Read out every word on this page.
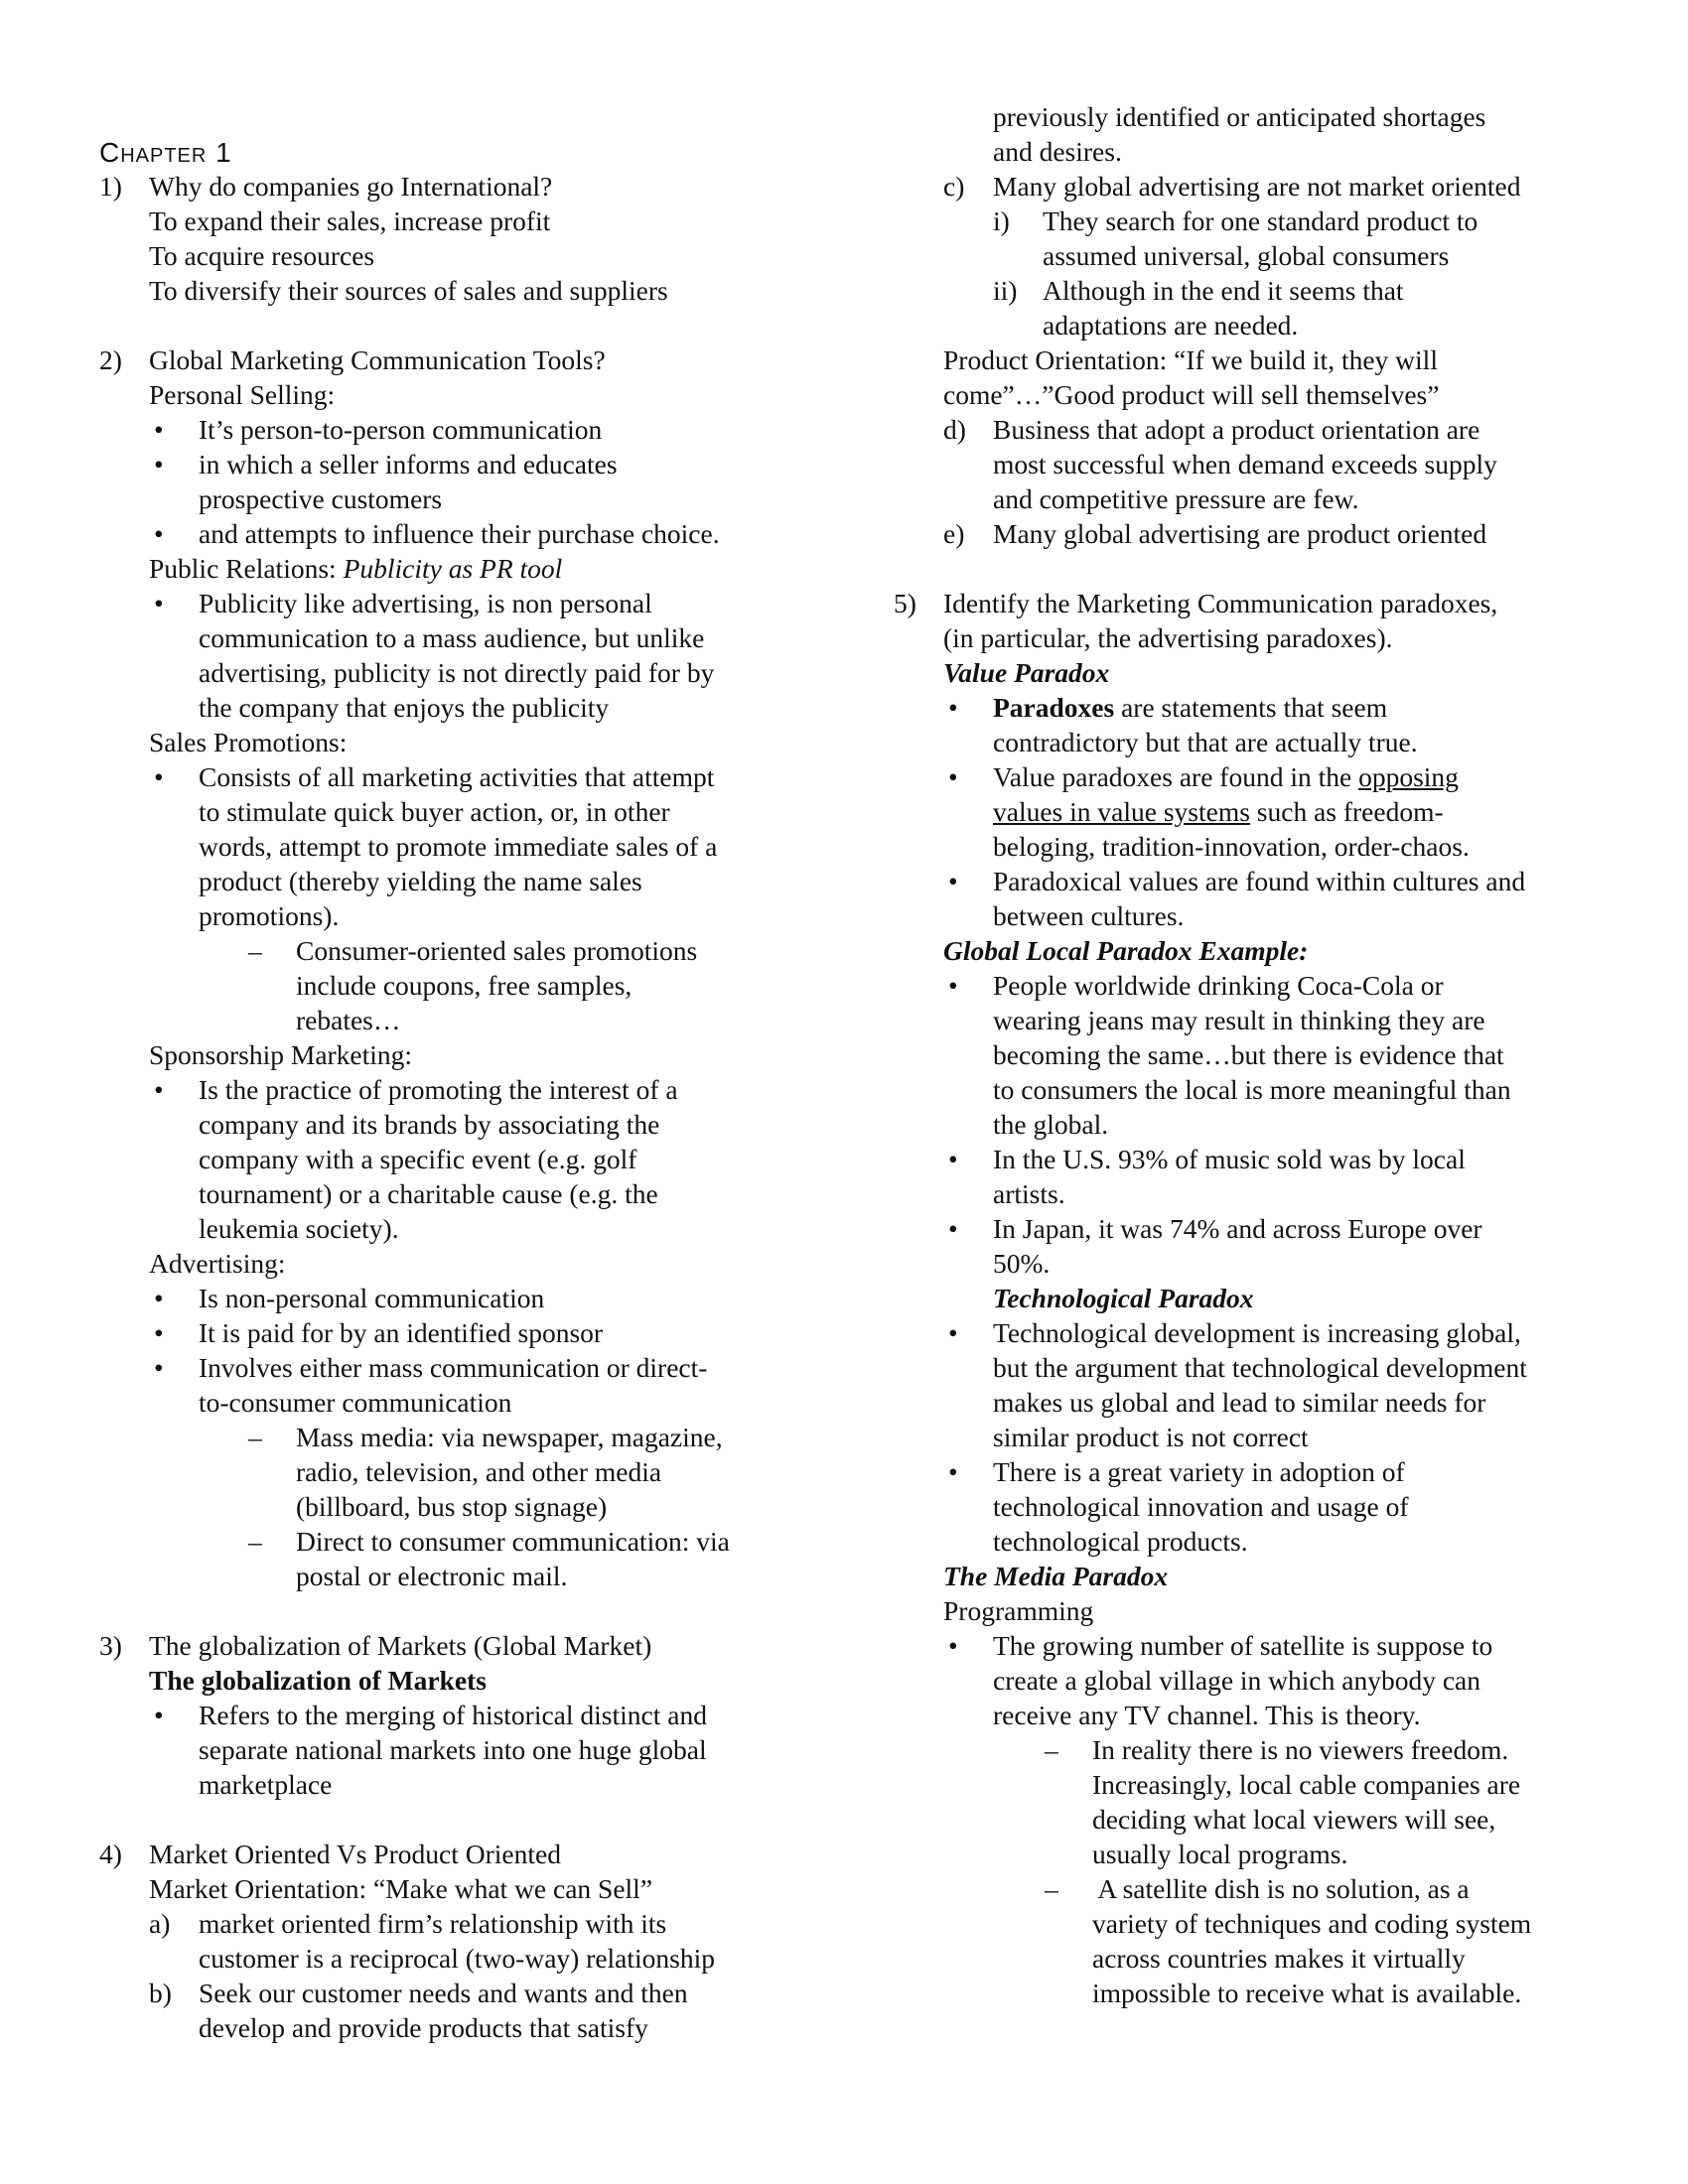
Chapter 1
1) Why do companies go International?
To expand their sales, increase profit
To acquire resources
To diversify their sources of sales and suppliers
2) Global Marketing Communication Tools?
Personal Selling:
• It’s person-to-person communication
• in which a seller informs and educates
prospective customers
• and attempts to influence their purchase choice.
Public Relations: Publicity as PR tool
• Publicity like advertising, is non personal
communication to a mass audience, but unlike
advertising, publicity is not directly paid for by
the company that enjoys the publicity
Sales Promotions:
• Consists of all marketing activities that attempt
to stimulate quick buyer action, or, in other
words, attempt to promote immediate sales of a
product (thereby yielding the name sales
promotions).
– Consumer-oriented sales promotions
include coupons, free samples,
rebates…
Sponsorship Marketing:
• Is the practice of promoting the interest of a
company and its brands by associating the
company with a specific event (e.g. golf
tournament) or a charitable cause (e.g. the
leukemia society).
Advertising:
• Is non-personal communication
• It is paid for by an identified sponsor
• Involves either mass communication or direct-
to-consumer communication
– Mass media: via newspaper, magazine,
radio, television, and other media
(billboard, bus stop signage)
– Direct to consumer communication: via
postal or electronic mail.
3) The globalization of Markets (Global Market)
The globalization of Markets
• Refers to the merging of historical distinct and
separate national markets into one huge global
marketplace
4) Market Oriented Vs Product Oriented
Market Orientation: “Make what we can Sell”
a) market oriented firm’s relationship with its
customer is a reciprocal (two-way) relationship
b) Seek our customer needs and wants and then
develop and provide products that satisfy
previously identified or anticipated shortages
and desires.
c) Many global advertising are not market oriented
i) They search for one standard product to
assumed universal, global consumers
ii) Although in the end it seems that
adaptations are needed.
Product Orientation: “If we build it, they will
come”…”Good product will sell themselves”
d) Business that adopt a product orientation are
most successful when demand exceeds supply
and competitive pressure are few.
e) Many global advertising are product oriented
5) Identify the Marketing Communication paradoxes,
(in particular, the advertising paradoxes).
Value Paradox
• Paradoxes are statements that seem
contradictory but that are actually true.
• Value paradoxes are found in the opposing
values in value systems such as freedom-
beloging, tradition-innovation, order-chaos.
• Paradoxical values are found within cultures and
between cultures.
Global Local Paradox Example:
• People worldwide drinking Coca-Cola or
wearing jeans may result in thinking they are
becoming the same…but there is evidence that
to consumers the local is more meaningful than
the global.
• In the U.S. 93% of music sold was by local
artists.
• In Japan, it was 74% and across Europe over
50%.
Technological Paradox
• Technological development is increasing global,
but the argument that technological development
makes us global and lead to similar needs for
similar product is not correct
• There is a great variety in adoption of
technological innovation and usage of
technological products.
The Media Paradox
Programming
• The growing number of satellite is suppose to
create a global village in which anybody can
receive any TV channel. This is theory.
– In reality there is no viewers freedom.
Increasingly, local cable companies are
deciding what local viewers will see,
usually local programs.
– A satellite dish is no solution, as a
variety of techniques and coding system
across countries makes it virtually
impossible to receive what is available.
